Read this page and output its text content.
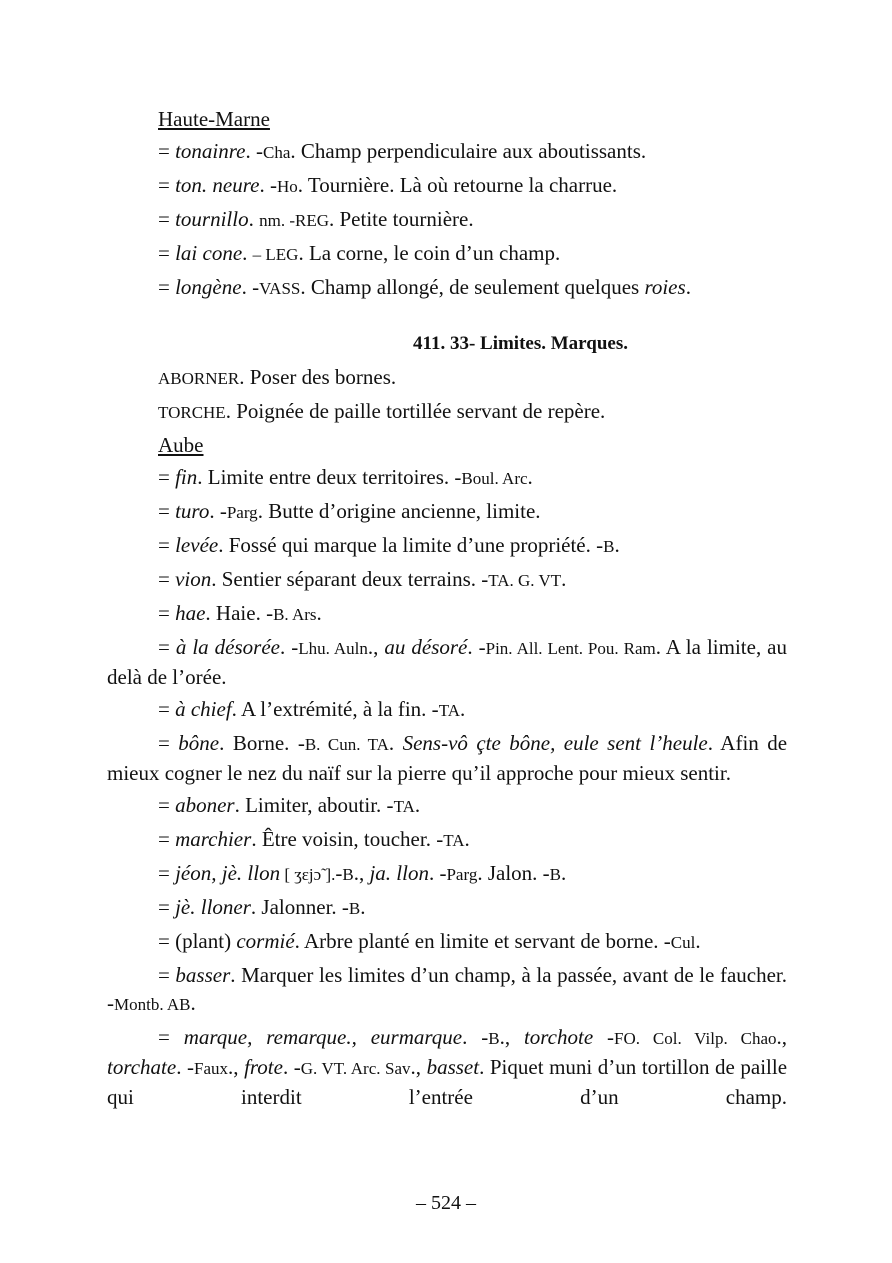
Haute-Marne

= tonainre. -Cha. Champ perpendiculaire aux aboutissants.

= ton. neure. -Ho. Tournière. Là où retourne la charrue.

= tournillo. nm. -REG. Petite tournière.

= lai cone. – LEG. La corne, le coin d’un champ.

= longène. -VASS. Champ allongé, de seulement quelques roies.

411. 33- Limites. Marques.

ABORNER. Poser des bornes.

TORCHE. Poignée de paille tortillée servant de repère.

Aube

= fin. Limite entre deux territoires. -Boul. Arc.

= turo. -Parg. Butte d’origine ancienne, limite.

= levée. Fossé qui marque la limite d’une propriété. -B.

= vion. Sentier séparant deux terrains. -TA. G. VT.

= hae. Haie. -B. Ars.

= à la désorée. -Lhu. Auln., au désoré. -Pin. All. Lent. Pou. Ram. A la limite, au delà de l’orée.

= à chief. A l’extrémité, à la fin. -TA.

= bône. Borne. -B. Cun. TA. Sens-vô çte bône, eule sent l’heule. Afin de mieux cogner le nez du naïf sur la pierre qu’il approche pour mieux sentir.

= aboner. Limiter, aboutir. -TA.

= marchier. Être voisin, toucher. -TA.

= jéon, jè. llon [ ʒɛjɔ̃ ].-B., ja. llon. -Parg. Jalon. -B.

= jè. lloner. Jalonner. -B.

= (plant) cormié. Arbre planté en limite et servant de borne. -Cul.

= basser. Marquer les limites d’un champ, à la passée, avant de le faucher. -Montb. AB.

= marque, remarque., eurmarque. -B., torchote -FO. Col. Vilp. Chao., torchate. -Faux., frote. -G. VT. Arc. Sav., basset. Piquet muni d’un tortillon de paille qui interdit l’entrée d’un champ.

– 524 –
